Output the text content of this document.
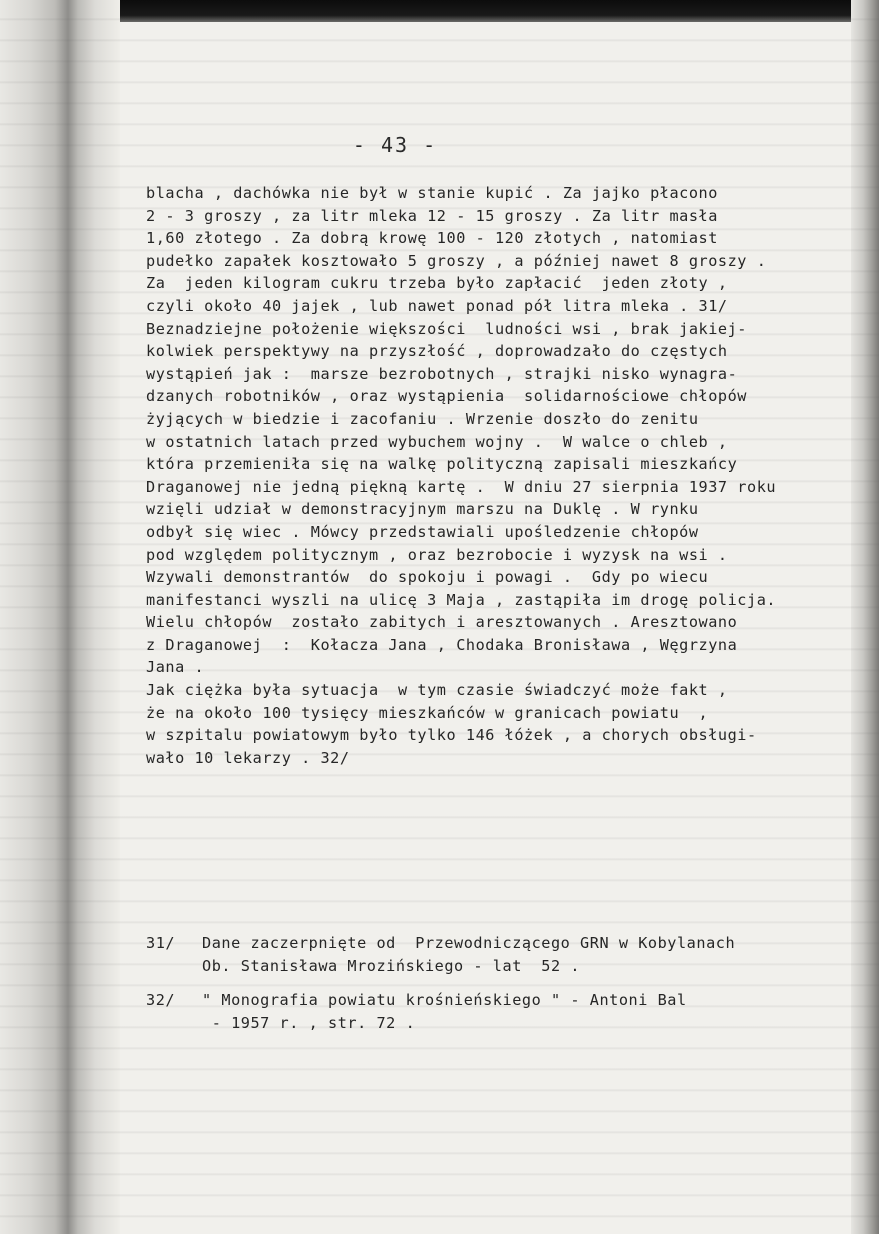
- 43 -
blacha , dachówka nie był w stanie kupić . Za jajko płacono
2 - 3 groszy , za litr mleka 12 - 15 groszy . Za litr masła
1,60 złotego . Za dobrą krowę 100 - 120 złotych , natomiast
pudełko zapałek kosztowało 5 groszy , a później nawet 8 groszy .
Za  jeden kilogram cukru trzeba było zapłacić  jeden złoty ,
czyli około 40 jajek , lub nawet ponad pół litra mleka . 31/
Beznadziejne położenie większości  ludności wsi , brak jakiej-
kolwiek perspektywy na przyszłość , doprowadzało do częstych
wystąpień jak :  marsze bezrobotnych , strajki nisko wynagra-
dzanych robotników , oraz wystąpienia  solidarnościowe chłopów
żyjących w biedzie i zacofaniu . Wrzenie doszło do zenitu
w ostatnich latach przed wybuchem wojny .  W walce o chleb ,
która przemieniła się na walkę polityczną zapisali mieszkańcy
Draganowej nie jedną piękną kartę .  W dniu 27 sierpnia 1937 roku
wzięli udział w demonstracyjnym marszu na Duklę . W rynku
odbył się wiec . Mówcy przedstawiali upośledzenie chłopów
pod względem politycznym , oraz bezrobocie i wyzysk na wsi .
Wzywali demonstrantów  do spokoju i powagi .  Gdy po wiecu
manifestanci wyszli na ulicę 3 Maja , zastąpiła im drogę policja.
Wielu chłopów  zostało zabitych i aresztowanych . Aresztowano
z Draganowej  :  Kołacza Jana , Chodaka Bronisława , Węgrzyna
Jana .
Jak ciężka była sytuacja  w tym czasie świadczyć może fakt ,
że na około 100 tysięcy mieszkańców w granicach powiatu  ,
w szpitalu powiatowym było tylko 146 łóżek , a chorych obsługi-
wało 10 lekarzy . 32/
31/	Dane zaczerpnięte od  Przewodniczącego GRN w Kobylanach
Ob. Stanisława Mrozińskiego - lat  52 .
32/	" Monografia powiatu krośnieńskiego " - Antoni Bal
- 1957 r. , str. 72 .
